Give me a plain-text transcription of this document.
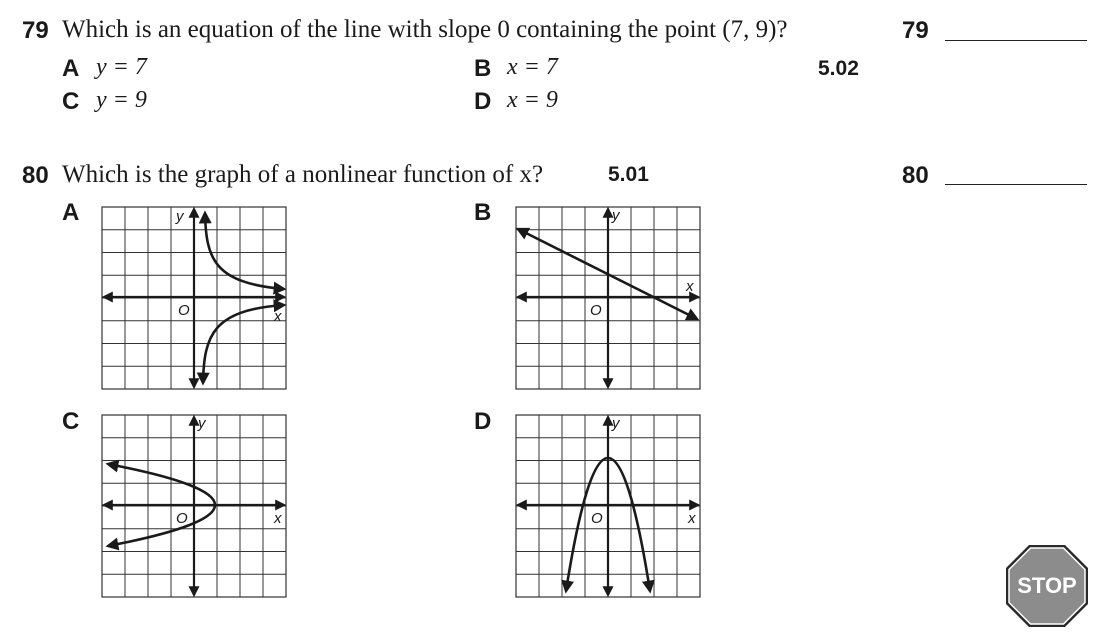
79 Which is an equation of the line with slope 0 containing the point (7, 9)?	79
A y = 7	B x = 7	5.02
C y = 9	D x = 9
80 Which is the graph of a nonlinear function of x?	5.01	80
A	B
C	D
y
x
O
y
x
O
y
x
O
y
x
O
STOP
